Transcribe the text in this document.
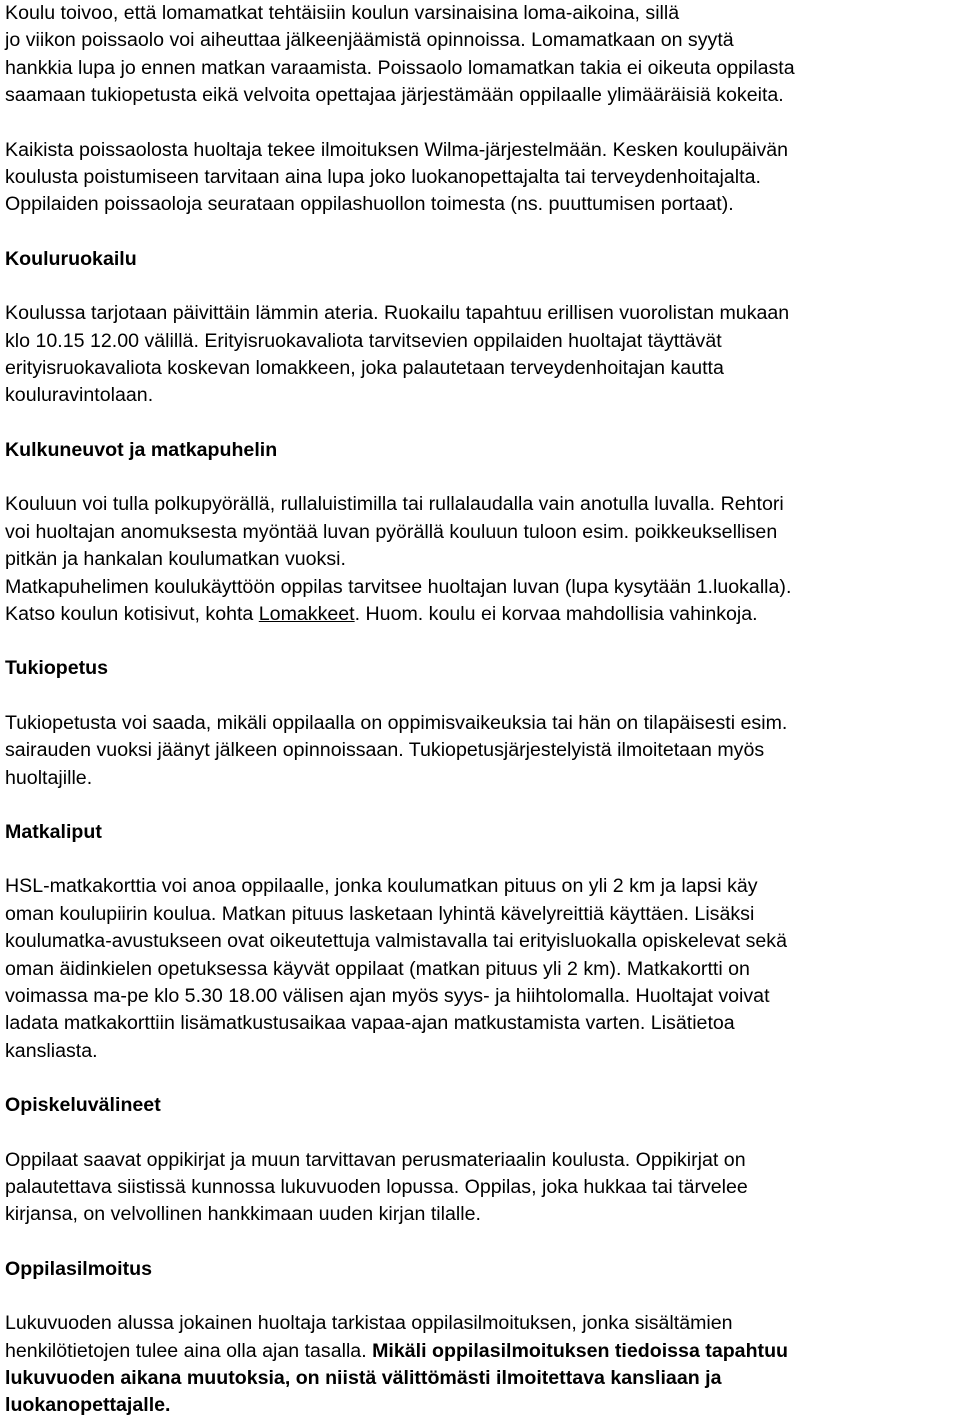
Koulu toivoo, että lomamatkat tehtäisiin koulun varsinaisina loma-aikoina, sillä
jo viikon poissaolo voi aiheuttaa jälkeenjäämistä opinnoissa. Lomamatkaan on syytä
hankkia lupa jo ennen matkan varaamista. Poissaolo lomamatkan takia ei oikeuta oppilasta
saamaan tukiopetusta eikä velvoita opettajaa järjestämään oppilaalle ylimääräisiä kokeita.
Kaikista poissaolosta huoltaja tekee ilmoituksen Wilma-järjestelmään. Kesken koulupäivän
koulusta poistumiseen tarvitaan aina lupa joko luokanopettajalta tai terveydenhoitajalta.
Oppilaiden poissaoloja seurataan oppilashuollon toimesta (ns. puuttumisen portaat).
Kouluruokailu
Koulussa tarjotaan päivittäin lämmin ateria. Ruokailu tapahtuu erillisen vuorolistan mukaan
klo 10.15 12.00 välillä. Erityisruokavaliota tarvitsevien oppilaiden huoltajat täyttävät
erityisruokavaliota koskevan lomakkeen, joka palautetaan terveydenhoitajan kautta
kouluravintolaan.
Kulkuneuvot ja matkapuhelin
Kouluun voi tulla polkupyörällä, rullaluistimilla tai rullalaudalla vain anotulla luvalla. Rehtori
voi huoltajan anomuksesta myöntää luvan pyörällä kouluun tuloon esim. poikkeuksellisen
pitkän ja hankalan koulumatkan vuoksi.
Matkapuhelimen koulukäyttöön oppilas tarvitsee huoltajan luvan (lupa kysytään 1.luokalla).
Katso koulun kotisivut, kohta Lomakkeet. Huom. koulu ei korvaa mahdollisia vahinkoja.
Tukiopetus
Tukiopetusta voi saada, mikäli oppilaalla on oppimisvaikeuksia tai hän on tilapäisesti esim.
sairauden vuoksi jäänyt jälkeen opinnoissaan. Tukiopetusjärjestelyistä ilmoitetaan myös
huoltajille.
Matkaliput
HSL-matkakorttia voi anoa oppilaalle, jonka koulumatkan pituus on yli 2 km ja lapsi käy
oman koulupiirin koulua. Matkan pituus lasketaan lyhintä kävelyreittiä käyttäen. Lisäksi
koulumatka-avustukseen ovat oikeutettuja valmistavalla tai erityisluokalla opiskelevat sekä
oman äidinkielen opetuksessa käyvät oppilaat (matkan pituus yli 2 km). Matkakortti on
voimassa ma-pe klo 5.30 18.00 välisen ajan myös syys- ja hiihtolomalla. Huoltajat voivat
ladata matkakorttiin lisämatkustusaikaa vapaa-ajan matkustamista varten. Lisätietoa
kansliasta.
Opiskeluvälineet
Oppilaat saavat oppikirjat ja muun tarvittavan perusmateriaalin koulusta. Oppikirjat on
palautettava siistissä kunnossa lukuvuoden lopussa. Oppilas, joka hukkaa tai tärvelee
kirjansa, on velvollinen hankkimaan uuden kirjan tilalle.
Oppilasilmoitus
Lukuvuoden alussa jokainen huoltaja tarkistaa oppilasilmoituksen, jonka sisältämien
henkilötietojen tulee aina olla ajan tasalla. Mikäli oppilasilmoituksen tiedoissa tapahtuu
lukuvuoden aikana muutoksia, on niistä välittömästi ilmoitettava kansliaan ja
luokanopettajalle.
